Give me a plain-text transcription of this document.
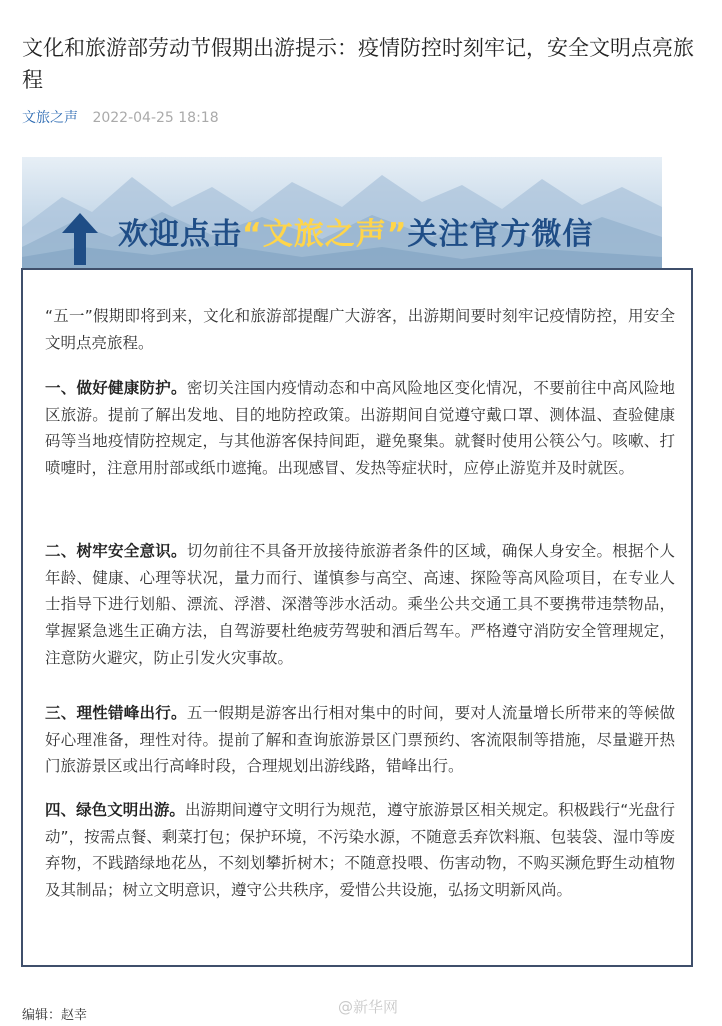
文化和旅游部劳动节假期出游提示：疫情防控时刻牢记，安全文明点亮旅程
文旅之声 2022-04-25 18:18
欢迎点击“文旅之声”关注官方微信

“五一”假期即将到来，文化和旅游部提醒广大游客，出游期间要时刻牢记疫情防控，用安全文明点亮旅程。

一、做好健康防护。密切关注国内疫情动态和中高风险地区变化情况，不要前往中高风险地区旅游。提前了解出发地、目的地防控政策。出游期间自觉遵守戴口罩、测体温、查验健康码等当地疫情防控规定，与其他游客保持间距，避免聚集。就餐时使用公筷公勺。咳嗽、打喷嚏时，注意用肘部或纸巾遮掩。出现感冒、发热等症状时，应停止游览并及时就医。

二、树牢安全意识。切勿前往不具备开放接待旅游者条件的区域，确保人身安全。根据个人年龄、健康、心理等状况，量力而行、谨慎参与高空、高速、探险等高风险项目，在专业人士指导下进行划船、漂流、浮潜、深潜等涉水活动。乘坐公共交通工具不要携带违禁物品，掌握紧急逃生正确方法，自驾游要杜绝疲劳驾驶和酒后驾车。严格遵守消防安全管理规定，注意防火避灾，防止引发火灾事故。

三、理性错峰出行。五一假期是游客出行相对集中的时间，要对人流量增长所带来的等候做好心理准备，理性对待。提前了解和查询旅游景区门票预约、客流限制等措施，尽量避开热门旅游景区或出行高峰时段，合理规划出游线路，错峰出行。

四、绿色文明出游。出游期间遵守文明行为规范，遵守旅游景区相关规定。积极践行“光盘行动”，按需点餐、剩菜打包；保护环境，不污染水源，不随意丢弃饮料瓶、包装袋、湿巾等废弃物，不践踏绿地花丛，不刻划攀折树木；不随意投喂、伤害动物，不购买濒危野生动植物及其制品；树立文明意识，遵守公共秩序，爱惜公共设施，弘扬文明新风尚。

编辑：赵幸	@新华网
